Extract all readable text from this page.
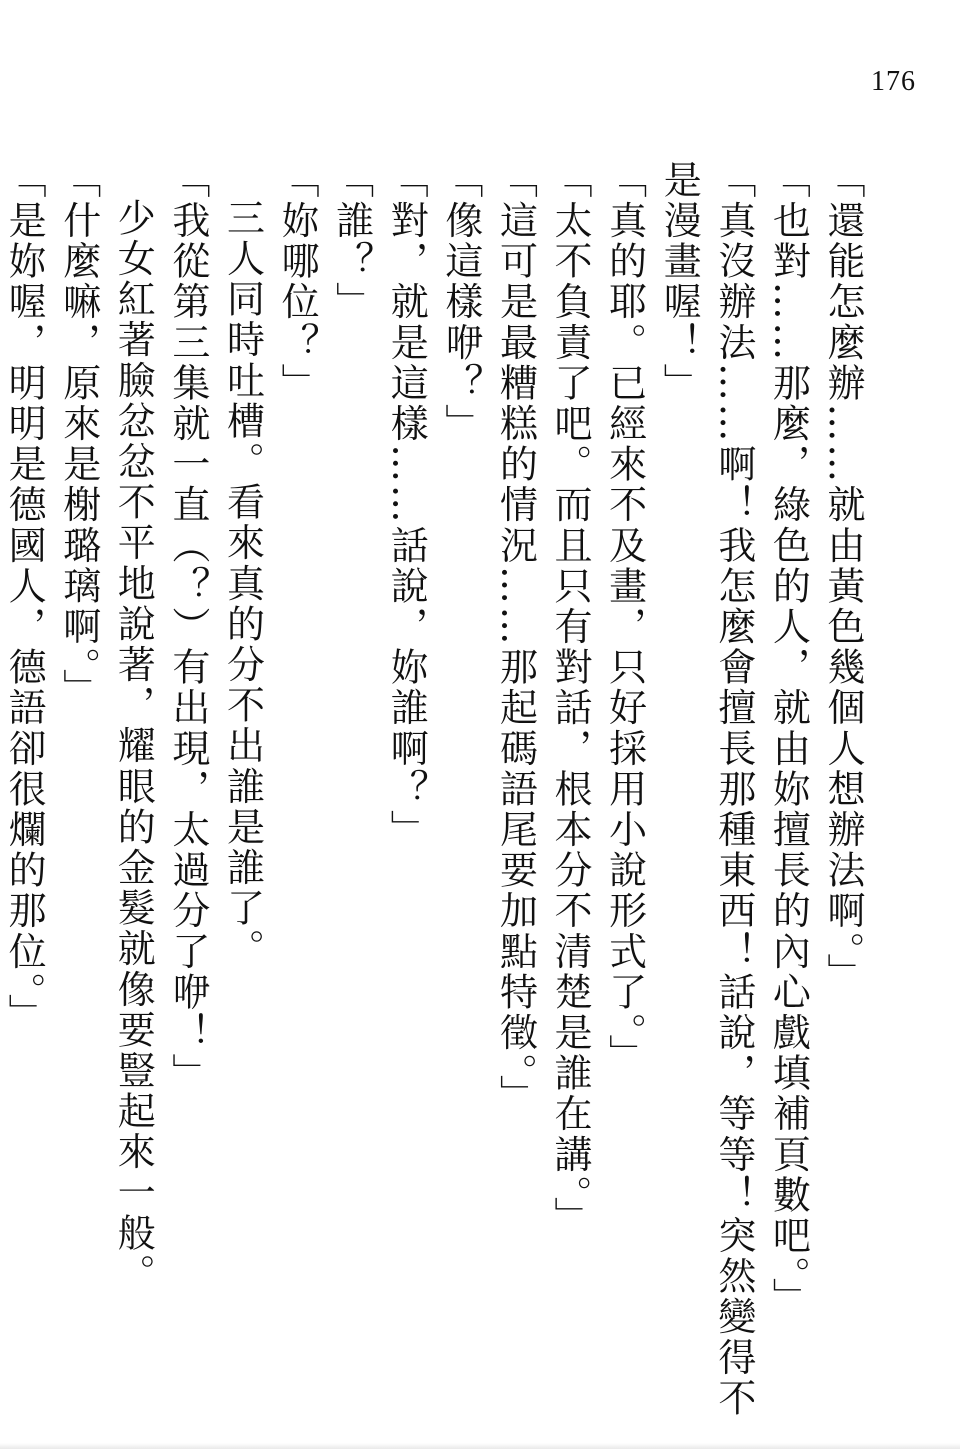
176

「還能怎麼辦……就由黃色幾個人想辦法啊。」

「也對……那麼，綠色的人，就由妳擅長的內心戲填補頁數吧。」

「真沒辦法……啊！我怎麼會擅長那種東西！話說，等等！突然變得不是漫畫喔！」

「真的耶。已經來不及畫，只好採用小說形式了。」

「太不負責了吧。而且只有對話，根本分不清楚是誰在講。」

「這可是最糟糕的情況……那起碼語尾要加點特徵。」

「像這樣咿？」

「對，就是這樣……話說，妳誰啊？」

「誰？」

「妳哪位？」

三人同時吐槽。看來真的分不出誰是誰了。

「我從第三集就一直（？）有出現，太過分了咿！」

少女紅著臉忿忿不平地說著，耀眼的金髮就像要豎起來一般。

「什麼嘛，原來是榭璐璃啊。」

「是妳喔，明明是德國人，德語卻很爛的那位。」
